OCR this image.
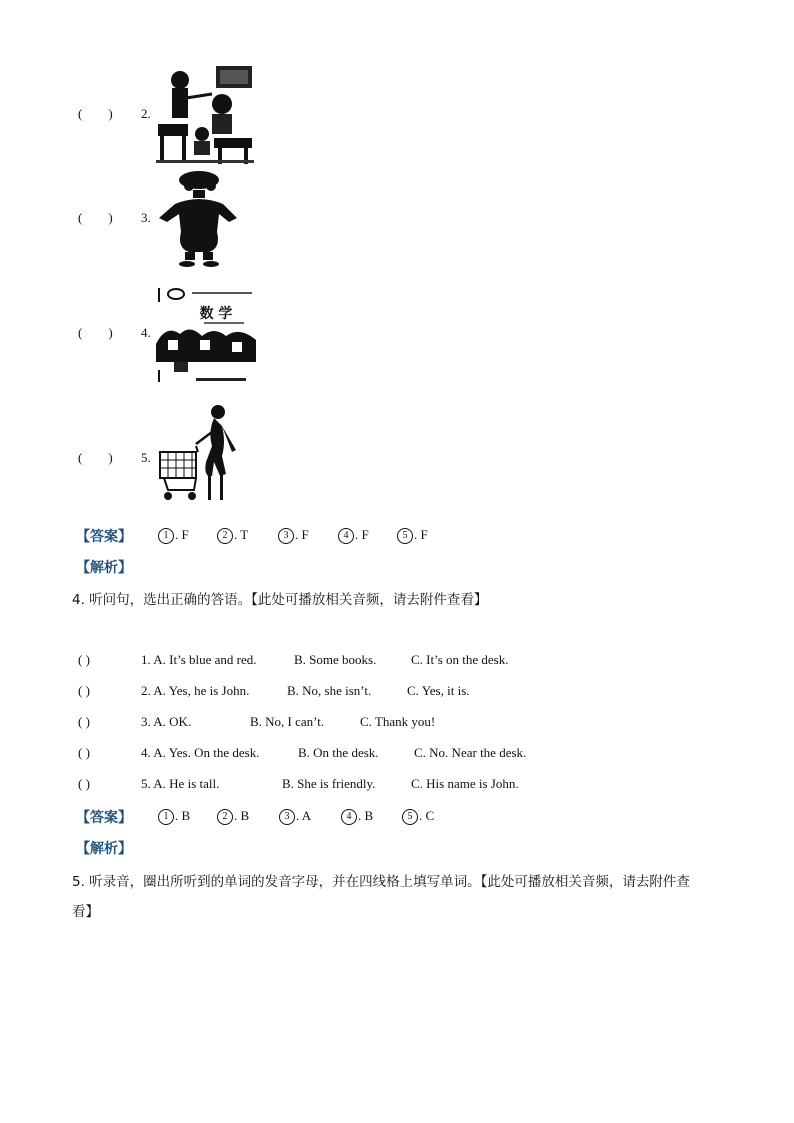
(        ) 2.
(        ) 3.
(        ) 4.
数 学
(        ) 5.
【答案】	1 . F	2 . T	3 . F	4 . F	5 . F
【解析】
4. 听问句，选出正确的答语。【此处可播放相关音频，请去附件查看】
( )	1. A. It’s blue and red.	B. Some books.	C. It’s on the desk.
( )	2. A. Yes, he is John.	B. No, she isn’t.	C. Yes, it is.
( )	3. A. OK.	B. No, I can’t.	C. Thank you!
( )	4. A. Yes. On the desk.	B. On the desk.	C. No. Near the desk.
( )	5. A. He is tall.	B. She is friendly.	C. His name is John.
【答案】	1 . B	2 . B	3 . A	4 . B	5 . C
【解析】
5. 听录音，圈出所听到的单词的发音字母，并在四线格上填写单词。【此处可播放相关音频，请去附件查
看】
